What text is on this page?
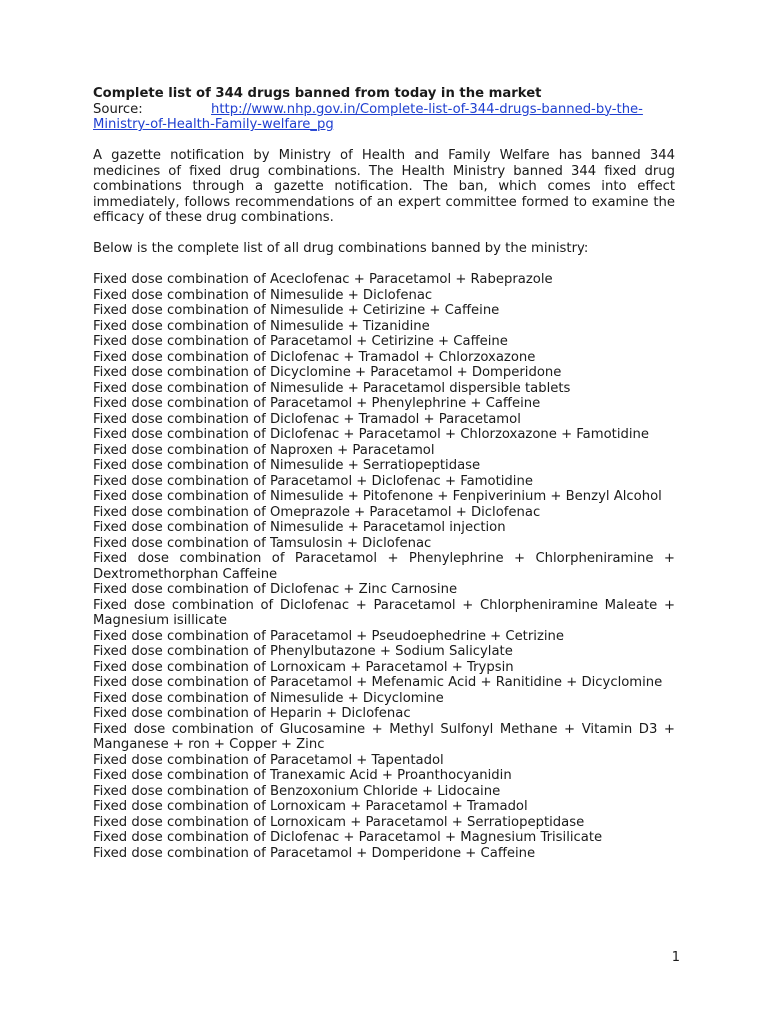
Complete list of 344 drugs banned from today in the market

Source:	http://www.nhp.gov.in/Complete-list-of-344-drugs-banned-by-the-

Ministry-of-Health-Family-welfare_pg

A gazette notification by Ministry of Health and Family Welfare has banned 344 medicines of fixed drug combinations. The Health Ministry banned 344 fixed drug combinations through a gazette notification. The ban, which comes into effect immediately, follows recommendations of an expert committee formed to examine the efficacy of these drug combinations.

Below is the complete list of all drug combinations banned by the ministry:

Fixed dose combination of Aceclofenac + Paracetamol + Rabeprazole
Fixed dose combination of Nimesulide + Diclofenac
Fixed dose combination of Nimesulide + Cetirizine + Caffeine
Fixed dose combination of Nimesulide + Tizanidine
Fixed dose combination of Paracetamol + Cetirizine + Caffeine
Fixed dose combination of Diclofenac + Tramadol + Chlorzoxazone
Fixed dose combination of Dicyclomine + Paracetamol + Domperidone
Fixed dose combination of Nimesulide + Paracetamol dispersible tablets
Fixed dose combination of Paracetamol + Phenylephrine + Caffeine
Fixed dose combination of Diclofenac + Tramadol + Paracetamol
Fixed dose combination of Diclofenac + Paracetamol + Chlorzoxazone + Famotidine
Fixed dose combination of Naproxen + Paracetamol
Fixed dose combination of Nimesulide + Serratiopeptidase
Fixed dose combination of Paracetamol + Diclofenac + Famotidine
Fixed dose combination of Nimesulide + Pitofenone + Fenpiverinium + Benzyl Alcohol
Fixed dose combination of Omeprazole + Paracetamol + Diclofenac
Fixed dose combination of Nimesulide + Paracetamol injection
Fixed dose combination of Tamsulosin + Diclofenac
Fixed dose combination of Paracetamol + Phenylephrine + Chlorpheniramine + Dextromethorphan Caffeine
Fixed dose combination of Diclofenac + Zinc Carnosine
Fixed dose combination of Diclofenac + Paracetamol + Chlorpheniramine Maleate + Magnesium isillicate
Fixed dose combination of Paracetamol + Pseudoephedrine + Cetrizine
Fixed dose combination of Phenylbutazone + Sodium Salicylate
Fixed dose combination of Lornoxicam + Paracetamol + Trypsin
Fixed dose combination of Paracetamol + Mefenamic Acid + Ranitidine + Dicyclomine
Fixed dose combination of Nimesulide + Dicyclomine
Fixed dose combination of Heparin + Diclofenac
Fixed dose combination of Glucosamine + Methyl Sulfonyl Methane + Vitamin D3 + Manganese + ron + Copper + Zinc
Fixed dose combination of Paracetamol + Tapentadol
Fixed dose combination of Tranexamic Acid + Proanthocyanidin
Fixed dose combination of Benzoxonium Chloride + Lidocaine
Fixed dose combination of Lornoxicam + Paracetamol + Tramadol
Fixed dose combination of Lornoxicam + Paracetamol + Serratiopeptidase
Fixed dose combination of Diclofenac + Paracetamol + Magnesium Trisilicate
Fixed dose combination of Paracetamol + Domperidone + Caffeine
1
